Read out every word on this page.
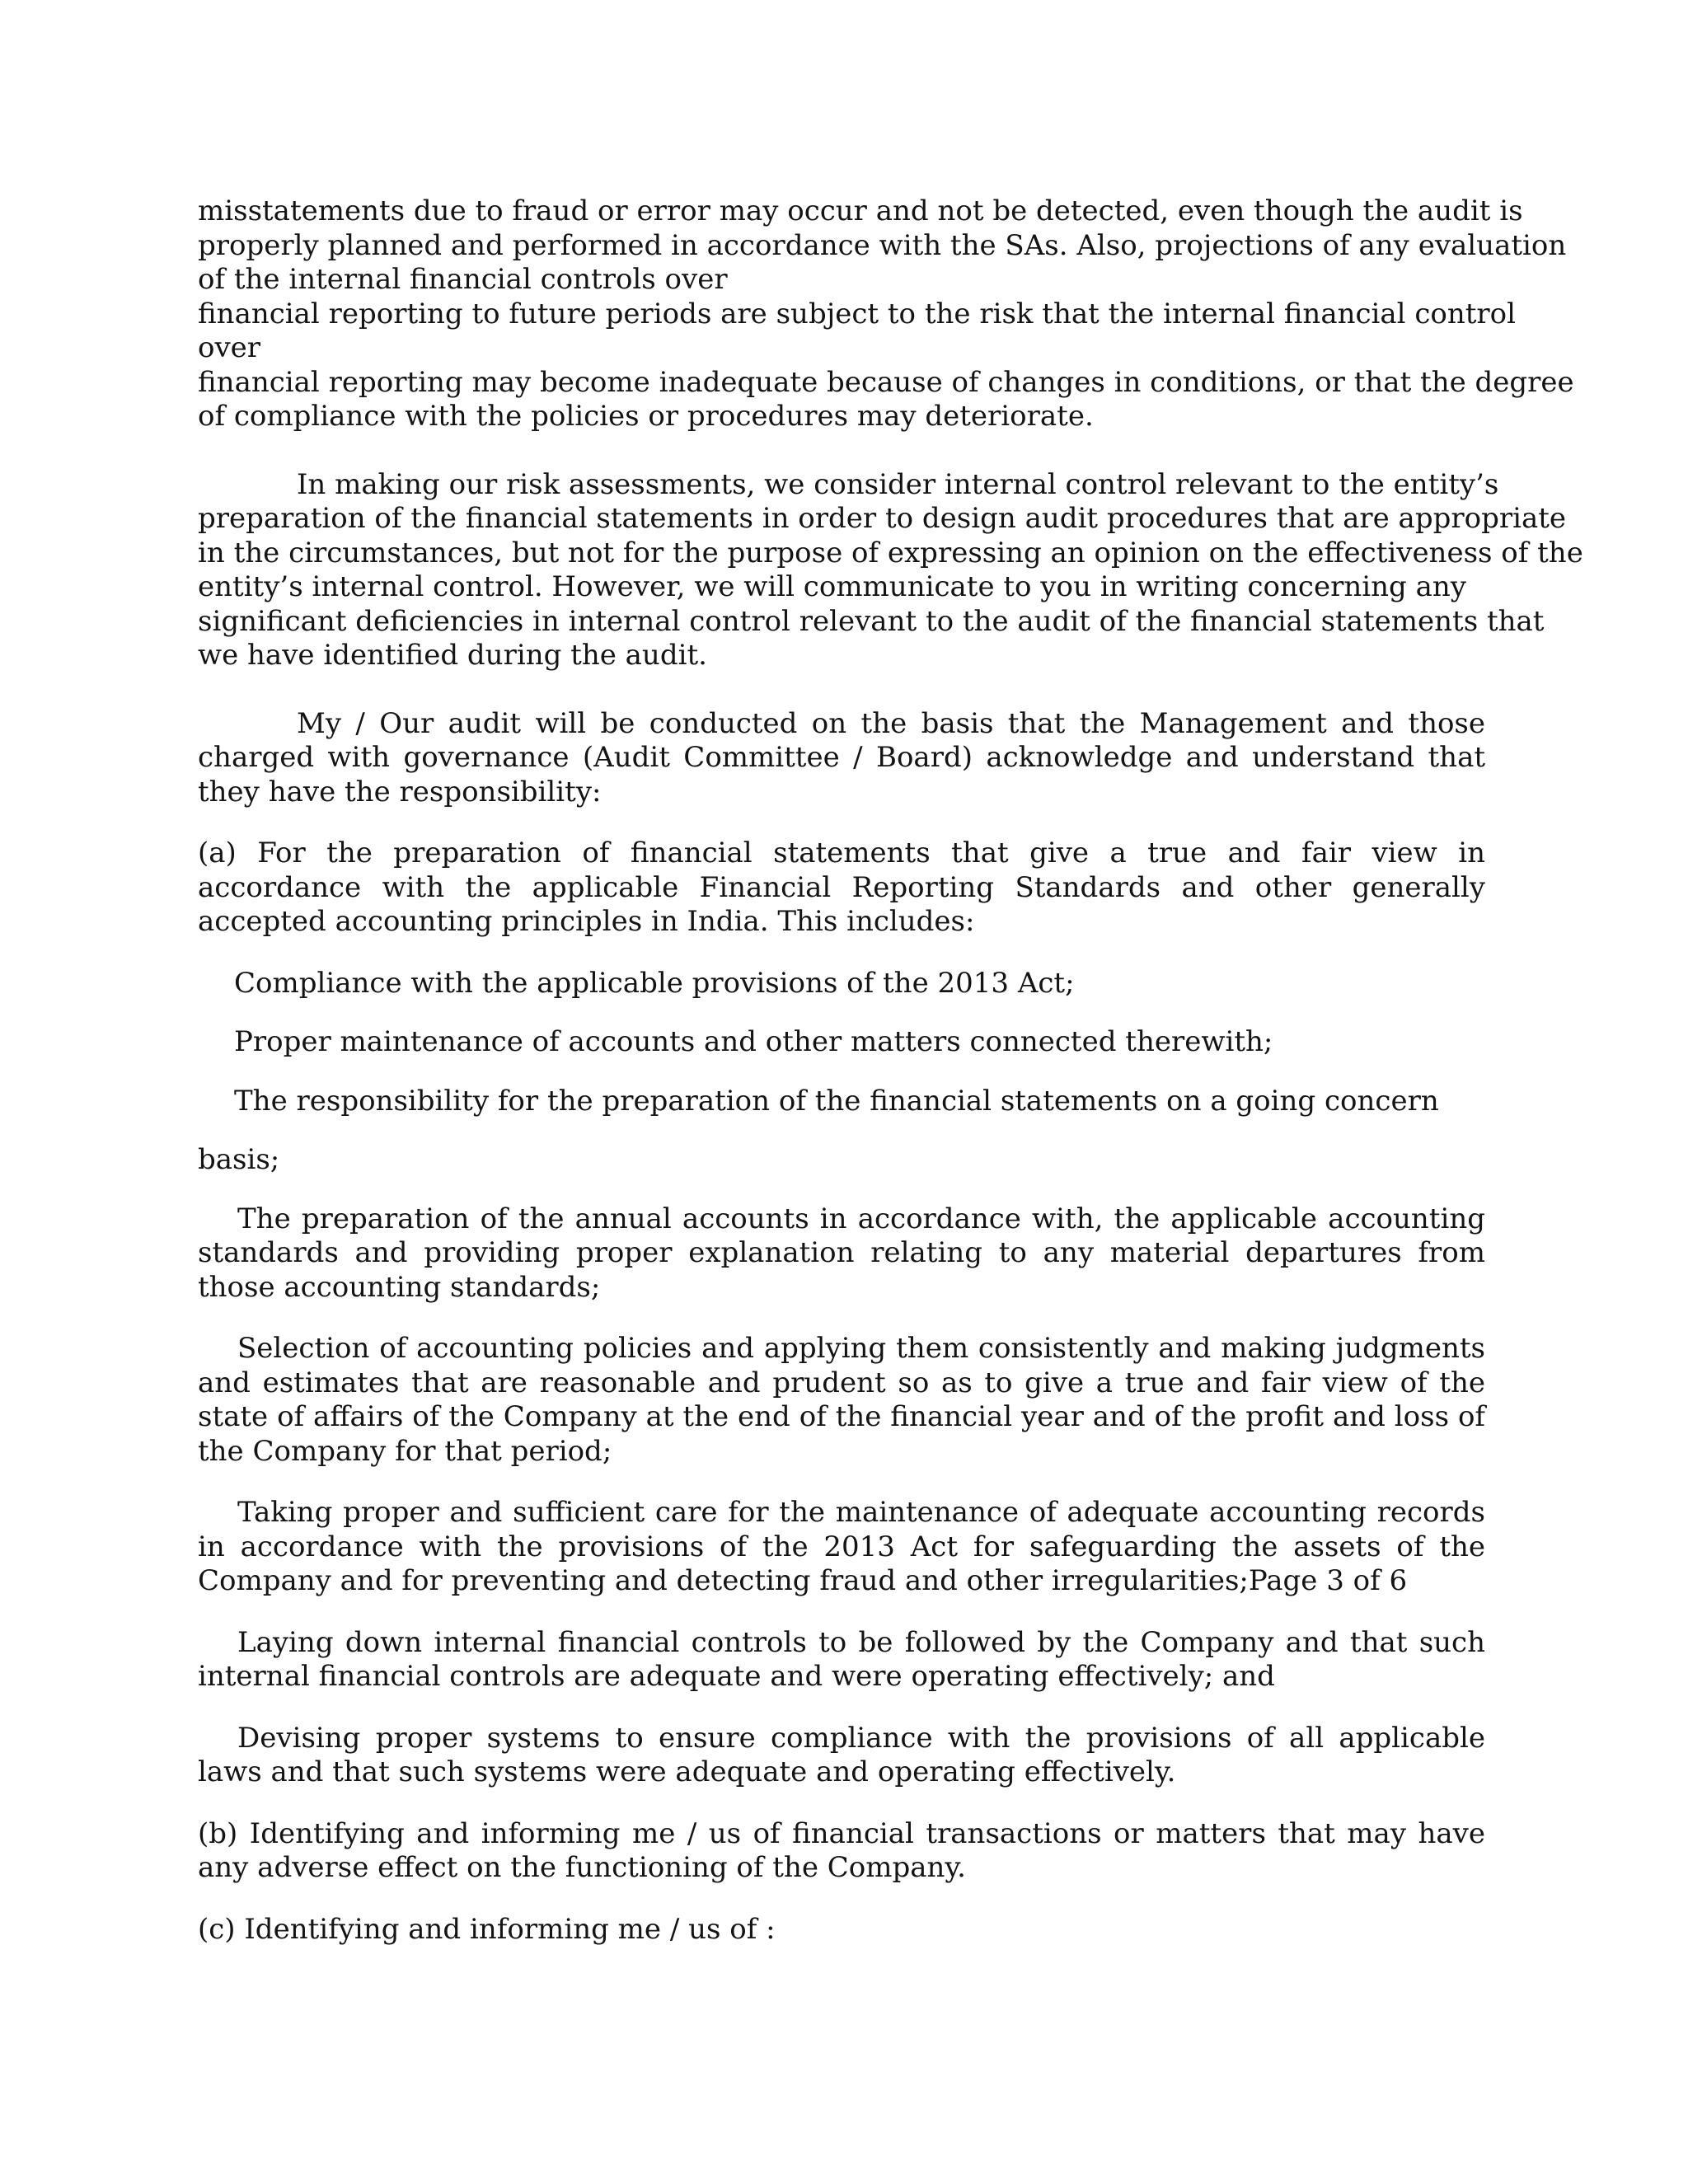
misstatements due to fraud or error may occur and not be detected, even though the audit is
properly planned and performed in accordance with the SAs. Also, projections of any evaluation
of the internal financial controls over
financial reporting to future periods are subject to the risk that the internal financial control
over
financial reporting may become inadequate because of changes in conditions, or that the degree
of compliance with the policies or procedures may deteriorate.
In making our risk assessments, we consider internal control relevant to the entity’s
preparation of the financial statements in order to design audit procedures that are appropriate
in the circumstances, but not for the purpose of expressing an opinion on the effectiveness of the
entity’s internal control. However, we will communicate to you in writing concerning any
significant deficiencies in internal control relevant to the audit of the financial statements that
we have identified during the audit.
My / Our audit will be conducted on the basis that the Management and those charged with governance (Audit Committee / Board) acknowledge and understand that they have the responsibility:
(a) For the preparation of financial statements that give a true and fair view in accordance with the applicable Financial Reporting Standards and other generally accepted accounting principles in India. This includes:
Compliance with the applicable provisions of the 2013 Act;
Proper maintenance of accounts and other matters connected therewith;
The responsibility for the preparation of the financial statements on a going concern
basis;
The preparation of the annual accounts in accordance with, the applicable accounting standards and providing proper explanation relating to any material departures from those accounting standards;
Selection of accounting policies and applying them consistently and making judgments and estimates that are reasonable and prudent so as to give a true and fair view of the state of affairs of the Company at the end of the financial year and of the profit and loss of the Company for that period;
Taking proper and sufficient care for the maintenance of adequate accounting records in accordance with the provisions of the 2013 Act for safeguarding the assets of the Company and for preventing and detecting fraud and other irregularities;Page 3 of 6
Laying down internal financial controls to be followed by the Company and that such internal financial controls are adequate and were operating effectively; and
Devising proper systems to ensure compliance with the provisions of all applicable laws and that such systems were adequate and operating effectively.
(b) Identifying and informing me / us of financial transactions or matters that may have any adverse effect on the functioning of the Company.
(c) Identifying and informing me / us of :
